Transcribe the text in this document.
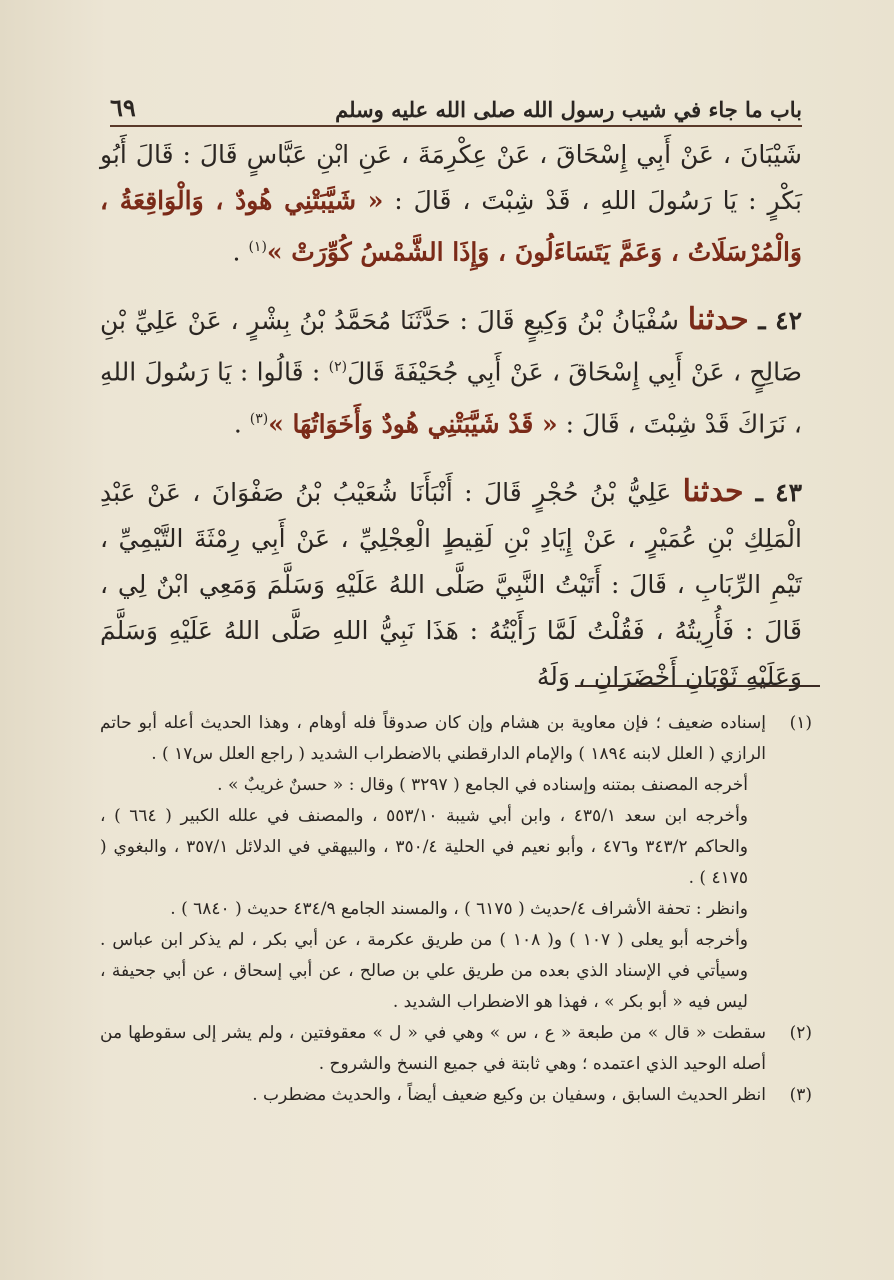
باب ما جاء في شيب رسول الله صلى الله عليه وسلم
٦٩

شَيْبَانَ ، عَنْ أَبِي إِسْحَاقَ ، عَنْ عِكْرِمَةَ ، عَنِ ابْنِ عَبَّاسٍ قَالَ : قَالَ أَبُو بَكْرٍ : يَا رَسُولَ اللهِ ، قَدْ شِبْتَ ، قَالَ : « شَيَّبَتْنِي هُودٌ ، وَالْوَاقِعَةُ ، وَالْمُرْسَلَاتُ ، وَعَمَّ يَتَسَاءَلُونَ ، وَإِذَا الشَّمْسُ كُوِّرَتْ »$^{(١)}$ .

٤٢ ـ حدثنا سُفْيَانُ بْنُ وَكِيعٍ قَالَ : حَدَّثَنَا مُحَمَّدُ بْنُ بِشْرٍ ، عَنْ عَلِيِّ بْنِ صَالِحٍ ، عَنْ أَبِي إِسْحَاقَ ، عَنْ أَبِي جُحَيْفَةَ قَالَ$^{(٢)}$ : قَالُوا : يَا رَسُولَ اللهِ ، نَرَاكَ قَدْ شِبْتَ ، قَالَ : « قَدْ شَيَّبَتْنِي هُودٌ وَأَخَوَاتُهَا »$^{(٣)}$ .

٤٣ ـ حدثنا عَلِيُّ بْنُ حُجْرٍ قَالَ : أَنْبَأَنَا شُعَيْبُ بْنُ صَفْوَانَ ، عَنْ عَبْدِ الْمَلِكِ بْنِ عُمَيْرٍ ، عَنْ إِيَادِ بْنِ لَقِيطٍ الْعِجْلِيِّ ، عَنْ أَبِي رِمْثَةَ التَّيْمِيِّ ، تَيْمِ الرِّبَابِ ، قَالَ : أَتَيْتُ النَّبِيَّ صَلَّى اللهُ عَلَيْهِ وَسَلَّمَ وَمَعِي ابْنٌ لِي ، قَالَ : فَأُرِيتُهُ ، فَقُلْتُ لَمَّا رَأَيْتُهُ : هَذَا نَبِيُّ اللهِ صَلَّى اللهُ عَلَيْهِ وَسَلَّمَ وَعَلَيْهِ ثَوْبَانِ أَخْضَرَانِ ، وَلَهُ

(١)

إسناده ضعيف ؛ فإن معاوية بن هشام وإن كان صدوقاً فله أوهام ، وهذا الحديث أعله أبو حاتم الرازي ( العلل لابنه ١٨٩٤ ) والإمام الدارقطني بالاضطراب الشديد ( راجع العلل س١٧ ) .

أخرجه المصنف بمتنه وإسناده في الجامع ( ٣٢٩٧ ) وقال : « حسنٌ غريبٌ » .

وأخرجه ابن سعد ٤٣٥/١ ، وابن أبي شيبة ٥٥٣/١٠ ، والمصنف في علله الكبير ( ٦٦٤ ) ، والحاكم ٣٤٣/٢ و٤٧٦ ، وأبو نعيم في الحلية ٣٥٠/٤ ، والبيهقي في الدلائل ٣٥٧/١ ، والبغوي ( ٤١٧٥ ) .

وانظر : تحفة الأشراف ٤/حديث ( ٦١٧٥ ) ، والمسند الجامع ٤٣٤/٩ حديث ( ٦٨٤٠ ) .

وأخرجه أبو يعلى ( ١٠٧ ) و( ١٠٨ ) من طريق عكرمة ، عن أبي بكر ، لم يذكر ابن عباس . وسيأتي في الإسناد الذي بعده من طريق علي بن صالح ، عن أبي إسحاق ، عن أبي جحيفة ، ليس فيه « أبو بكر » ، فهذا هو الاضطراب الشديد .

(٢)

سقطت « قال » من طبعة « ع ، س » وهي في « ل » معقوفتين ، ولم يشر إلى سقوطها من أصله الوحيد الذي اعتمده ؛ وهي ثابتة في جميع النسخ والشروح .

(٣)

انظر الحديث السابق ، وسفيان بن وكيع ضعيف أيضاً ، والحديث مضطرب .
